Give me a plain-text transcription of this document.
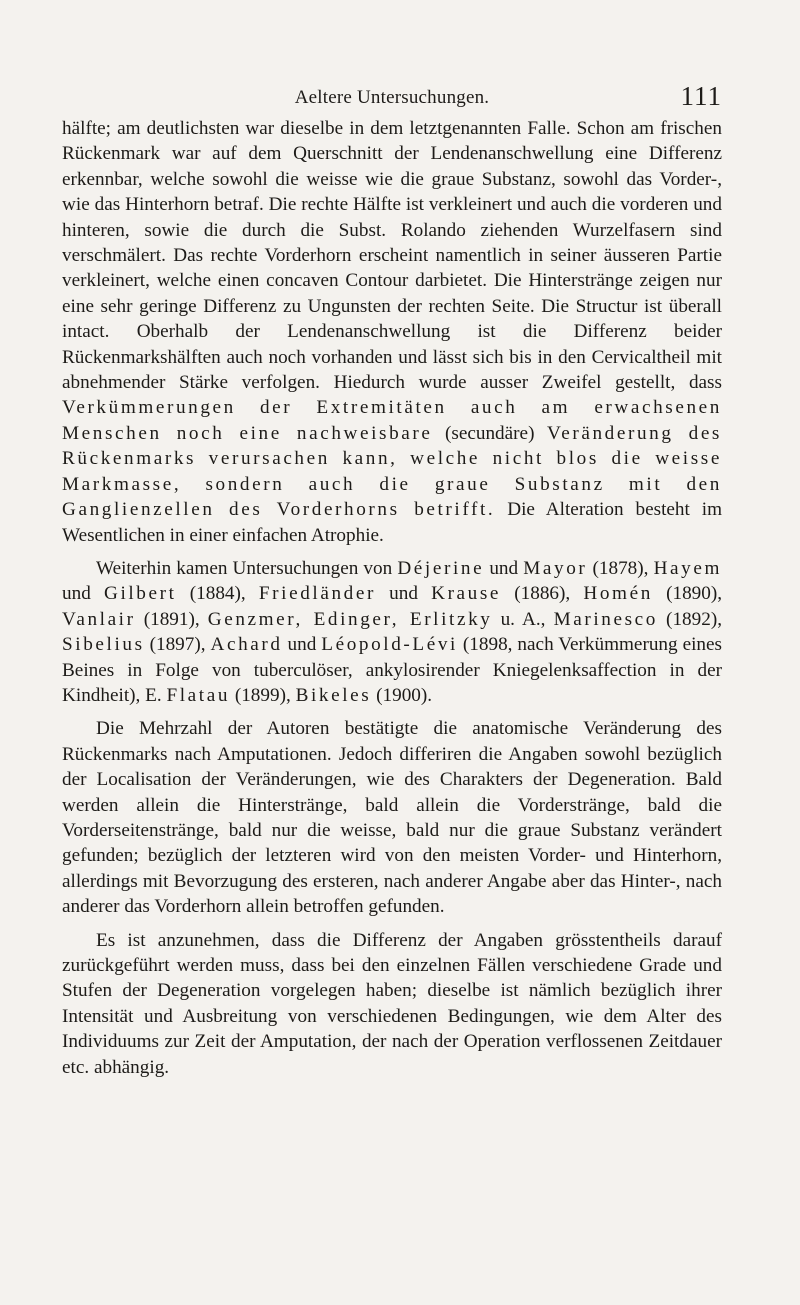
Aeltere Untersuchungen.	111

hälfte; am deutlichsten war dieselbe in dem letztgenannten Falle. Schon am frischen Rückenmark war auf dem Querschnitt der Lendenanschwellung eine Differenz erkennbar, welche sowohl die weisse wie die graue Substanz, sowohl das Vorder-, wie das Hinterhorn betraf. Die rechte Hälfte ist verkleinert und auch die vorderen und hinteren, sowie die durch die Subst. Rolando ziehenden Wurzelfasern sind verschmälert. Das rechte Vorderhorn erscheint namentlich in seiner äusseren Partie verkleinert, welche einen concaven Contour darbietet. Die Hinterstränge zeigen nur eine sehr geringe Differenz zu Ungunsten der rechten Seite. Die Structur ist überall intact. Oberhalb der Lendenanschwellung ist die Differenz beider Rückenmarkshälften auch noch vorhanden und lässt sich bis in den Cervicaltheil mit abnehmender Stärke verfolgen. Hiedurch wurde ausser Zweifel gestellt, dass Verkümmerungen der Extremitäten auch am erwachsenen Menschen noch eine nachweisbare (secundäre) Veränderung des Rückenmarks verursachen kann, welche nicht blos die weisse Markmasse, sondern auch die graue Substanz mit den Ganglienzellen des Vorderhorns betrifft. Die Alteration besteht im Wesentlichen in einer einfachen Atrophie.

Weiterhin kamen Untersuchungen von Déjerine und Mayor (1878), Hayem und Gilbert (1884), Friedländer und Krause (1886), Homén (1890), Vanlair (1891), Genzmer, Edinger, Erlitzky u. A., Marinesco (1892), Sibelius (1897), Achard und Léopold-Lévi (1898, nach Verkümmerung eines Beines in Folge von tuberculöser, ankylosirender Kniegelenksaffection in der Kindheit), E. Flatau (1899), Bikeles (1900).

Die Mehrzahl der Autoren bestätigte die anatomische Veränderung des Rückenmarks nach Amputationen. Jedoch differiren die Angaben sowohl bezüglich der Localisation der Veränderungen, wie des Charakters der Degeneration. Bald werden allein die Hinterstränge, bald allein die Vorderstränge, bald die Vorderseitenstränge, bald nur die weisse, bald nur die graue Substanz verändert gefunden; bezüglich der letzteren wird von den meisten Vorder- und Hinterhorn, allerdings mit Bevorzugung des ersteren, nach anderer Angabe aber das Hinter-, nach anderer das Vorderhorn allein betroffen gefunden.

Es ist anzunehmen, dass die Differenz der Angaben grösstentheils darauf zurückgeführt werden muss, dass bei den einzelnen Fällen verschiedene Grade und Stufen der Degeneration vorgelegen haben; dieselbe ist nämlich bezüglich ihrer Intensität und Ausbreitung von verschiedenen Bedingungen, wie dem Alter des Individuums zur Zeit der Amputation, der nach der Operation verflossenen Zeitdauer etc. abhängig.
